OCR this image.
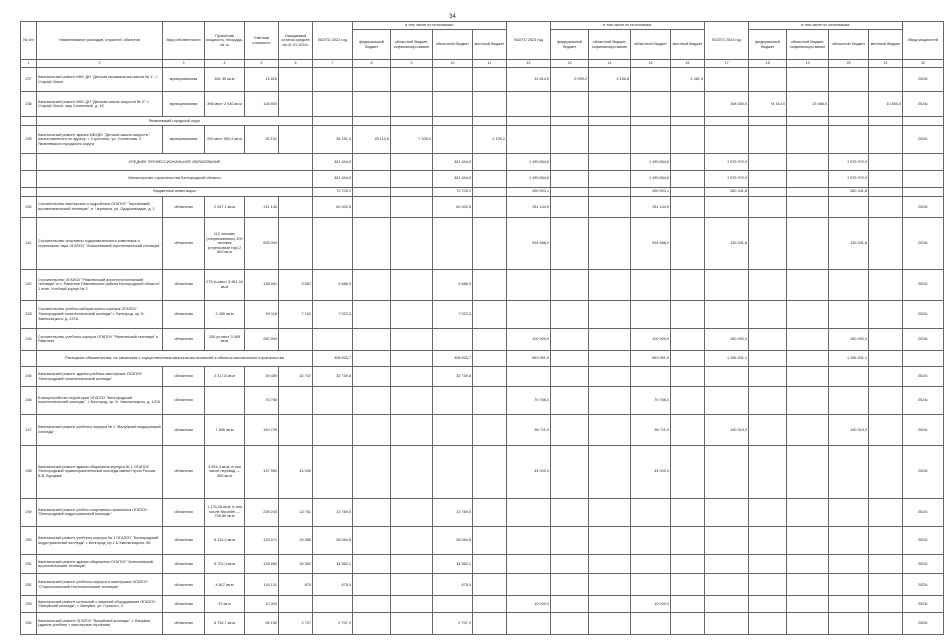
34
№ п/п	Наименование расходов, отраслей, объектов	Вид собственности	Проектная мощность, площадь, кв. м	Сметная стоимость	Ожидаемый остаток средств на 01.01.2022г.	ВСЕГО 2022 год	в том числе по источникам:				ВСЕГО 2023 год	в том числе по источникам:				ВСЕГО 2024 год	в том числе по источникам:				Ввод мощностей
							федеральный бюджет	областной бюджет, софинансиро-вание	областной бюджет	местный бюджет		федеральный бюджет	областной бюджет, софинансиро-вание	областной бюджет	местный бюджет		федеральный бюджет	областной бюджет, софинансиро-вание	областной бюджет	местный бюджет	
1	2	3	4	5	6	7	8	9	10	11	12	13	14	15	16	17	18	19	20	21	22
237	Капитальный ремонт МБУ ДО "Детская музыкальная школа № 1", г. Старый Оскол	муниципальная	651,35 кв.м	14 815							14 814,5	5 999,2	3 156,8		1 461,5						2023г.
238	Капитальный ремонт МБУ ДО "Детская школа искусств № 2", г. Старый Оскол, мкр Солнечный, д. 18	муниципальная	396 мест 2 930 кв.м	108 500												108 500,0	74 514,0	23 486,0		10 850,0	2024г.
	Яковлевский городской округ																				
239	Капитальный ремонт здания МБУДО "Детская школа искусств", расположенного по адресу: г. Строитель, ул. Солнечная, 2 Яковлевского городского округа	муниципальная	200 мест 952,6 кв.м	35 151		35 151,0	25 113,8	7 928,0		2 109,2											2022г.
	СРЕДНЕЕ ПРОФЕССИОНАЛЬНОЕ ОБРАЗОВАНИЕ					381 634,9			381 634,9		1 459 854,6			1 459 854,6		1 575 972,9			1 575 972,9		
	Министерство строительства Белгородской области					381 634,9			381 634,9		1 459 854,6			1 459 854,6		1 575 972,9			1 575 972,9		
	Бюджетные инвестиции					72 709,2			72 709,2		495 903,1			495 903,1		280 341,8			280 341,8		
240	Строительство мастерских и гидроблока ОГАПОУ "Чернянский агромеханический техникум", п. Чернянка, ул. Орджоникидзе, д. 2	областная	2 257,1 кв.м	211 145		60 000,0			60 000,0		151 144,9			151 144,9							2023г.
241	Строительство спортивно-оздоровительного комплекса и стрелкового тира ОГАПОУ "Алексеевский агротехнический техникум"	областная	112 человек (спорткомплекс) 200 человек (стрелковый тир) 2 800 кв.м	535 000							294 658,2			294 658,2		130 341,8			130 341,8		2024г.
242	Строительство ОГАПОУ "Ракитянский агротехнологический техникум" в п. Ракитное Ракитянского района Белгородской области" 1 этап. Учебный корпус № 2	областная	275 уч.мест 3 464,34 кв.м	138 501	5 687	5 686,9			5 686,9												2022г.
243	Строительство учебно-лабораторного корпуса ОГАПОУ "Белгородский политехнический колледж" г. Белгород, пр. Б. Хмельницкого, д. 137А	областная	2 455 кв.м	93 118	7 102	7 022,3			7 022,3												2022г.
244	Строительство учебного корпуса ОГАПОУ "Ракитянский техникум" п. Ракитное	областная	250 уч.мест 3 495 кв.м	250 000							100 000,0			100 000,0		150 000,0			150 000,0		2024г.
	Расходные обязательства, не связанные с осуществлением капитальных вложений в объекты капитального строительства					308 925,7			308 925,7		963 951,5			963 951,5		1 295 631,1			1 295 631,1		
245	Капитальный ремонт здания учебных мастерских ОГАПОУ "Белгородский политехнический колледж"	областная	2 317,8 кв.м	39 459	32 747	32 739,8			32 739,8												2022г.
246	Благоустройство территории ОГАПОУ "Белгородский политехнический колледж", г. Белгород, пр. Б. Хмельницкого, д. 137А	областная		75 768							75 768,0			75 768,0							2023г.
247	Капитальный ремонт учебного корпуса № 1 "Валуйский медицинский колледж"	областная	7 845 кв.м	190 725							50 711,0			50 711,0		130 014,3			130 014,3		2024г.
248	Капитальный ремонт здания общежития корпуса № 1 ОГАПОУ "Белгородский правоохранительный колледж имени Героя России В.В. Бурцева"	областная	3 824,4 кв.м, в том числе перевод — 550 кв.м	137 960	44 000						44 000,0			44 000,0							2023г.
249	Капитальный ремонт учебно-спортивного комплекса ОГАПОУ "Белгородский индустриальный колледж"	областная	1 176,48 кв.м, в том числе бассейн — 706,80 кв.м	239 243	13 761	13 760,5			13 760,5												2022г.
250	Капитальный ремонт учебного корпуса № 1 ОГАПОУ "Белгородский индустриальный колледж" г. Белгород, пр-т Б.Хмельницкого, 85	областная	6 124,2 кв.м	133 571	26 085	26 084,8			26 084,8												2022г.
251	Капитальный ремонт здания общежития ОГАПОУ "Алексеевский агротехнический техникум"	областная	5 701,3 кв.м	128 560	34 562	34 562,1			34 562,1												2022г.
252	Капитальный ремонт учебного корпуса и мастерских ОГАПОУ "Старооскольский технологический техникум"	областная	4 817 кв.м	118 131	675	675,0			675,0												2022г.
253	Капитальный ремонт котельной с заменой оборудования ОГАПОУ "Валуйский колледж", г. Валуйки, ул. Горького, 4	областная	37 кв.м	10 000							10 000,0			10 000,0							2023г.
254	Капитальный ремонт ОГАПОУ "Валуйский колледж", г. Валуйки (здание учебное + мастерские строения)	областная	6 754,7 кв.м	96 150	2 707	2 707,0			2 707,0												2022г.
